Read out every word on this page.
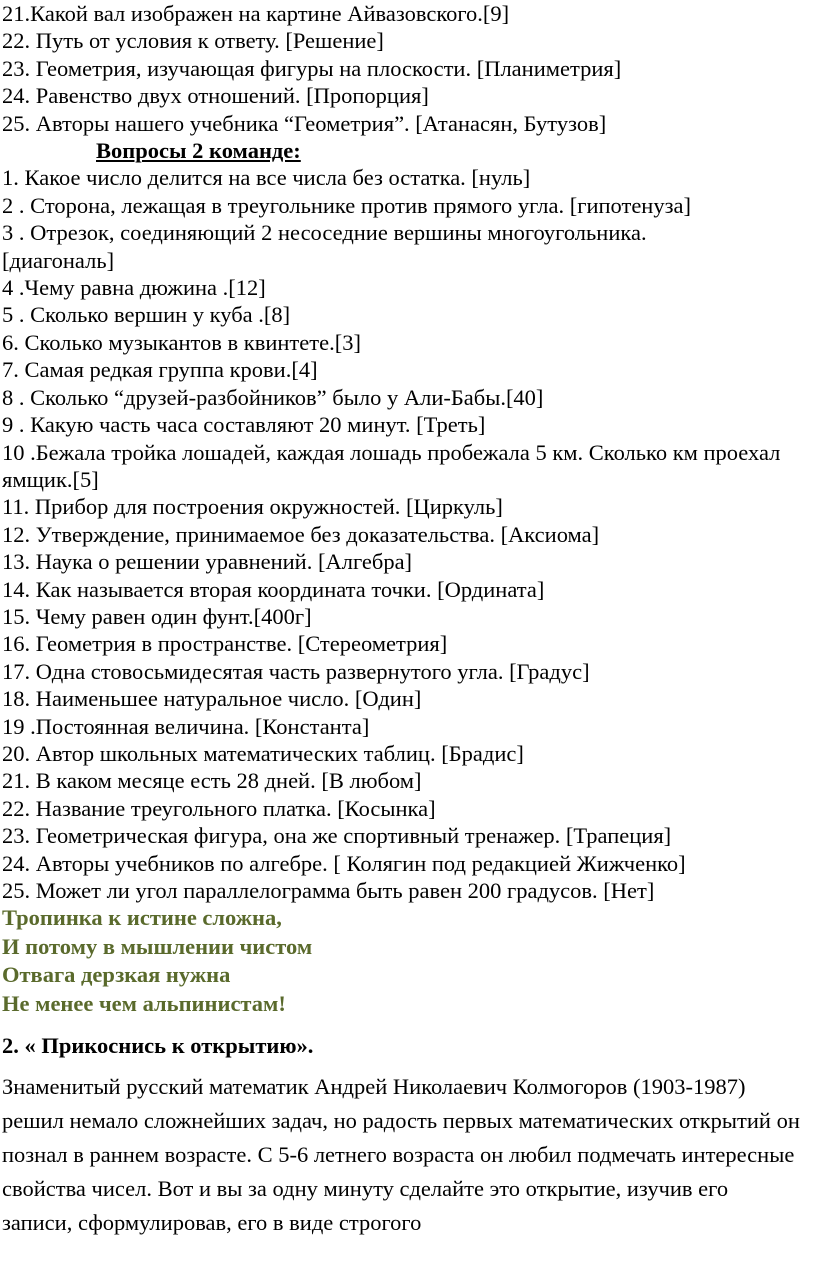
21.Какой вал изображен на картине Айвазовского.[9]
22. Путь от условия к ответу. [Решение]
23. Геометрия, изучающая фигуры на плоскости. [Планиметрия]
24. Равенство двух отношений. [Пропорция]
25. Авторы нашего учебника “Геометрия”. [Атанасян, Бутузов]
Вопросы 2 команде:
1. Какое число делится на все числа без остатка. [нуль]
2 . Сторона, лежащая в треугольнике против прямого угла. [гипотенуза]
3 . Отрезок, соединяющий 2 несоседние вершины многоугольника. [диагональ]
4 .Чему равна дюжина .[12]
5 . Сколько вершин у куба .[8]
6. Сколько музыкантов в квинтете.[3]
7. Самая редкая группа крови.[4]
8 . Сколько “друзей-разбойников” было у Али-Бабы.[40]
9 . Какую часть часа составляют 20 минут. [Треть]
10 .Бежала тройка лошадей, каждая лошадь пробежала 5 км. Сколько км проехал ямщик.[5]
11. Прибор для построения окружностей. [Циркуль]
12. Утверждение, принимаемое без доказательства. [Аксиома]
13. Наука о решении уравнений. [Алгебра]
14. Как называется вторая координата точки. [Ордината]
15. Чему равен один фунт.[400г]
16. Геометрия в пространстве. [Стереометрия]
17. Одна стовосьмидесятая часть развернутого угла. [Градус]
18. Наименьшее натуральное число. [Один]
19 .Постоянная величина. [Константа]
20. Автор школьных математических таблиц. [Брадис]
21. В каком месяце есть 28 дней. [В любом]
22. Название треугольного платка. [Косынка]
23. Геометрическая фигура, она же спортивный тренажер. [Трапеция]
24. Авторы учебников по алгебре. [ Колягин под редакцией Жижченко]
25. Может ли угол параллелограмма быть равен 200 градусов. [Нет]
Тропинка к истине сложна,
И потому в мышлении чистом
Отвага дерзкая нужна
Не менее чем альпинистам!
2. « Прикоснись к открытию».
Знаменитый русский математик Андрей Николаевич Колмогоров (1903-1987) решил немало сложнейших задач, но радость первых математических открытий он познал в раннем возрасте. С 5-6 летнего возраста он любил подмечать интересные свойства чисел. Вот и вы за одну минуту сделайте это открытие, изучив его записи, сформулировав, его в виде строгого
